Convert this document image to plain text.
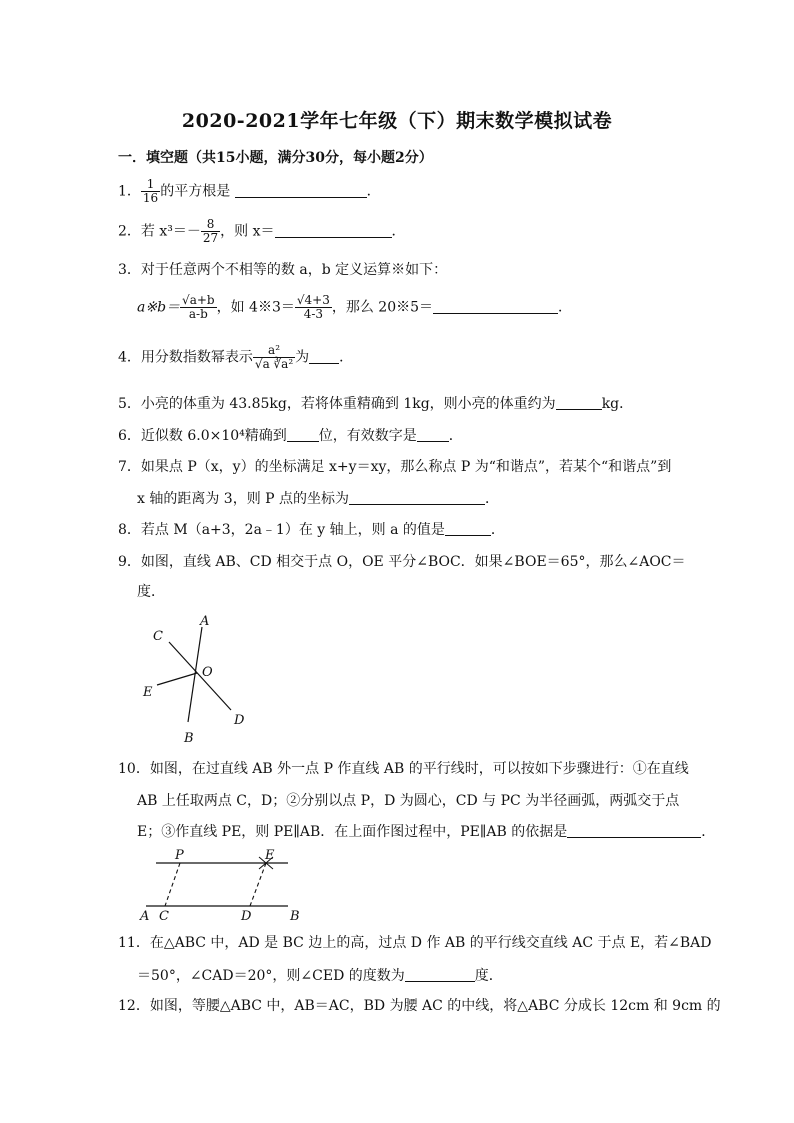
2020-2021学年七年级（下）期末数学模拟试卷
一．填空题（共15小题，满分30分，每小题2分）
1． $\frac{1}{16}$ 的平方根是	．
2．若 $x^3=- \frac{8}{27}$ ，则 x＝	．
3．对于任意两个不相等的数 a，b 定义运算※如下：
a※b＝ $\frac{√a+b}{a-b}$ ，如 4※3＝ $\frac{√4+3}{4-3}$ ，那么 20※5＝	．
4．用分数指数幂表示 $\frac{\text{a²}}{\text{√a ∛a²}}$ 为 ．
5．小亮的体重为 43.85kg，若将体重精确到 1kg，则小亮的体重约为	kg．
6．近似数 6.0×10⁴精确到 位，有效数字是 ．
7．如果点 P（x，y）的坐标满足 x+y＝xy，那么称点 P 为“和谐点”，若某个“和谐点”到
x 轴的距离为 3，则 P 点的坐标为	．
8．若点 M（a+3，2a﹣1）在 y 轴上，则 a 的值是	．
9．如图，直线 AB、CD 相交于点 O，OE 平分∠BOC．如果∠BOE＝65°，那么∠AOC＝
度．
A
C
O
E
D
B
10．如图，在过直线 AB 外一点 P 作直线 AB 的平行线时，可以按如下步骤进行：①在直线
AB 上任取两点 C，D；②分别以点 P，D 为圆心，CD 与 PC 为半径画弧，两弧交于点
E；③作直线 PE，则 PE∥AB．在上面作图过程中，PE∥AB 的依据是	．
P	E
A C	D	B
11．在△ABC 中，AD 是 BC 边上的高，过点 D 作 AB 的平行线交直线 AC 于点 E，若∠BAD
＝50°，∠CAD＝20°，则∠CED 的度数为	度．
12．如图，等腰△ABC 中，AB＝AC，BD 为腰 AC 的中线，将△ABC 分成长 12cm 和 9cm 的
